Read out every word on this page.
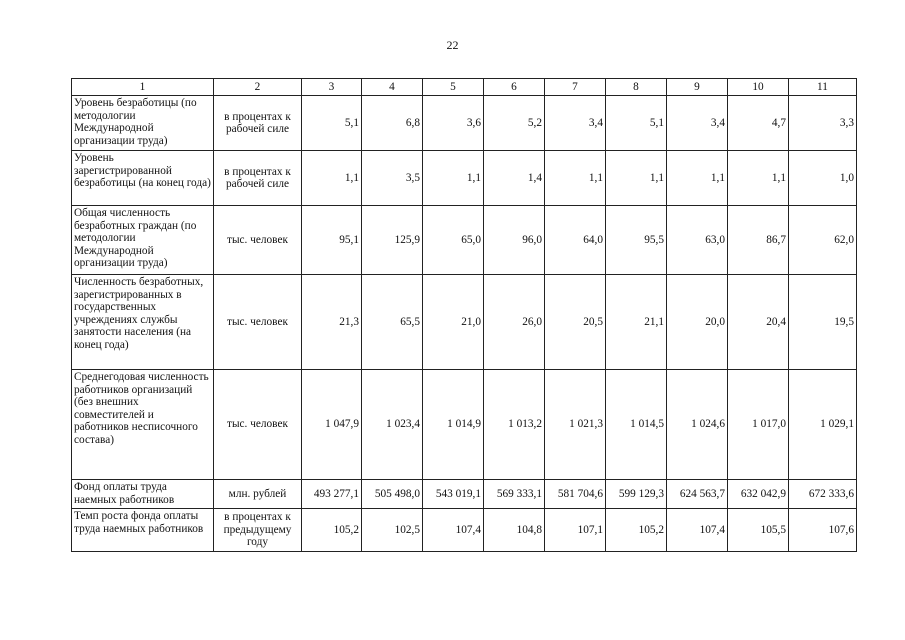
22
1	2	3	4	5	6	7	8	9	10	11
Уровень безработицы (по методологии Международной организации труда)	в процентах к рабочей силе	5,1	6,8	3,6	5,2	3,4	5,1	3,4	4,7	3,3
Уровень зарегистрированной безработицы (на конец года)	в процентах к рабочей силе	1,1	3,5	1,1	1,4	1,1	1,1	1,1	1,1	1,0
Общая численность безработных граждан (по методологии Международной организации труда)	тыс. человек	95,1	125,9	65,0	96,0	64,0	95,5	63,0	86,7	62,0
Численность безработных, зарегистрированных в государственных учреждениях службы занятости населения (на конец года)	тыс. человек	21,3	65,5	21,0	26,0	20,5	21,1	20,0	20,4	19,5
Среднегодовая численность работников организаций (без внешних совместителей и работников несписочного состава)	тыс. человек	1 047,9	1 023,4	1 014,9	1 013,2	1 021,3	1 014,5	1 024,6	1 017,0	1 029,1
Фонд оплаты труда наемных работников	млн. рублей	493 277,1	505 498,0	543 019,1	569 333,1	581 704,6	599 129,3	624 563,7	632 042,9	672 333,6
Темп роста фонда оплаты труда наемных работников	в процентах к предыдущему году	105,2	102,5	107,4	104,8	107,1	105,2	107,4	105,5	107,6
